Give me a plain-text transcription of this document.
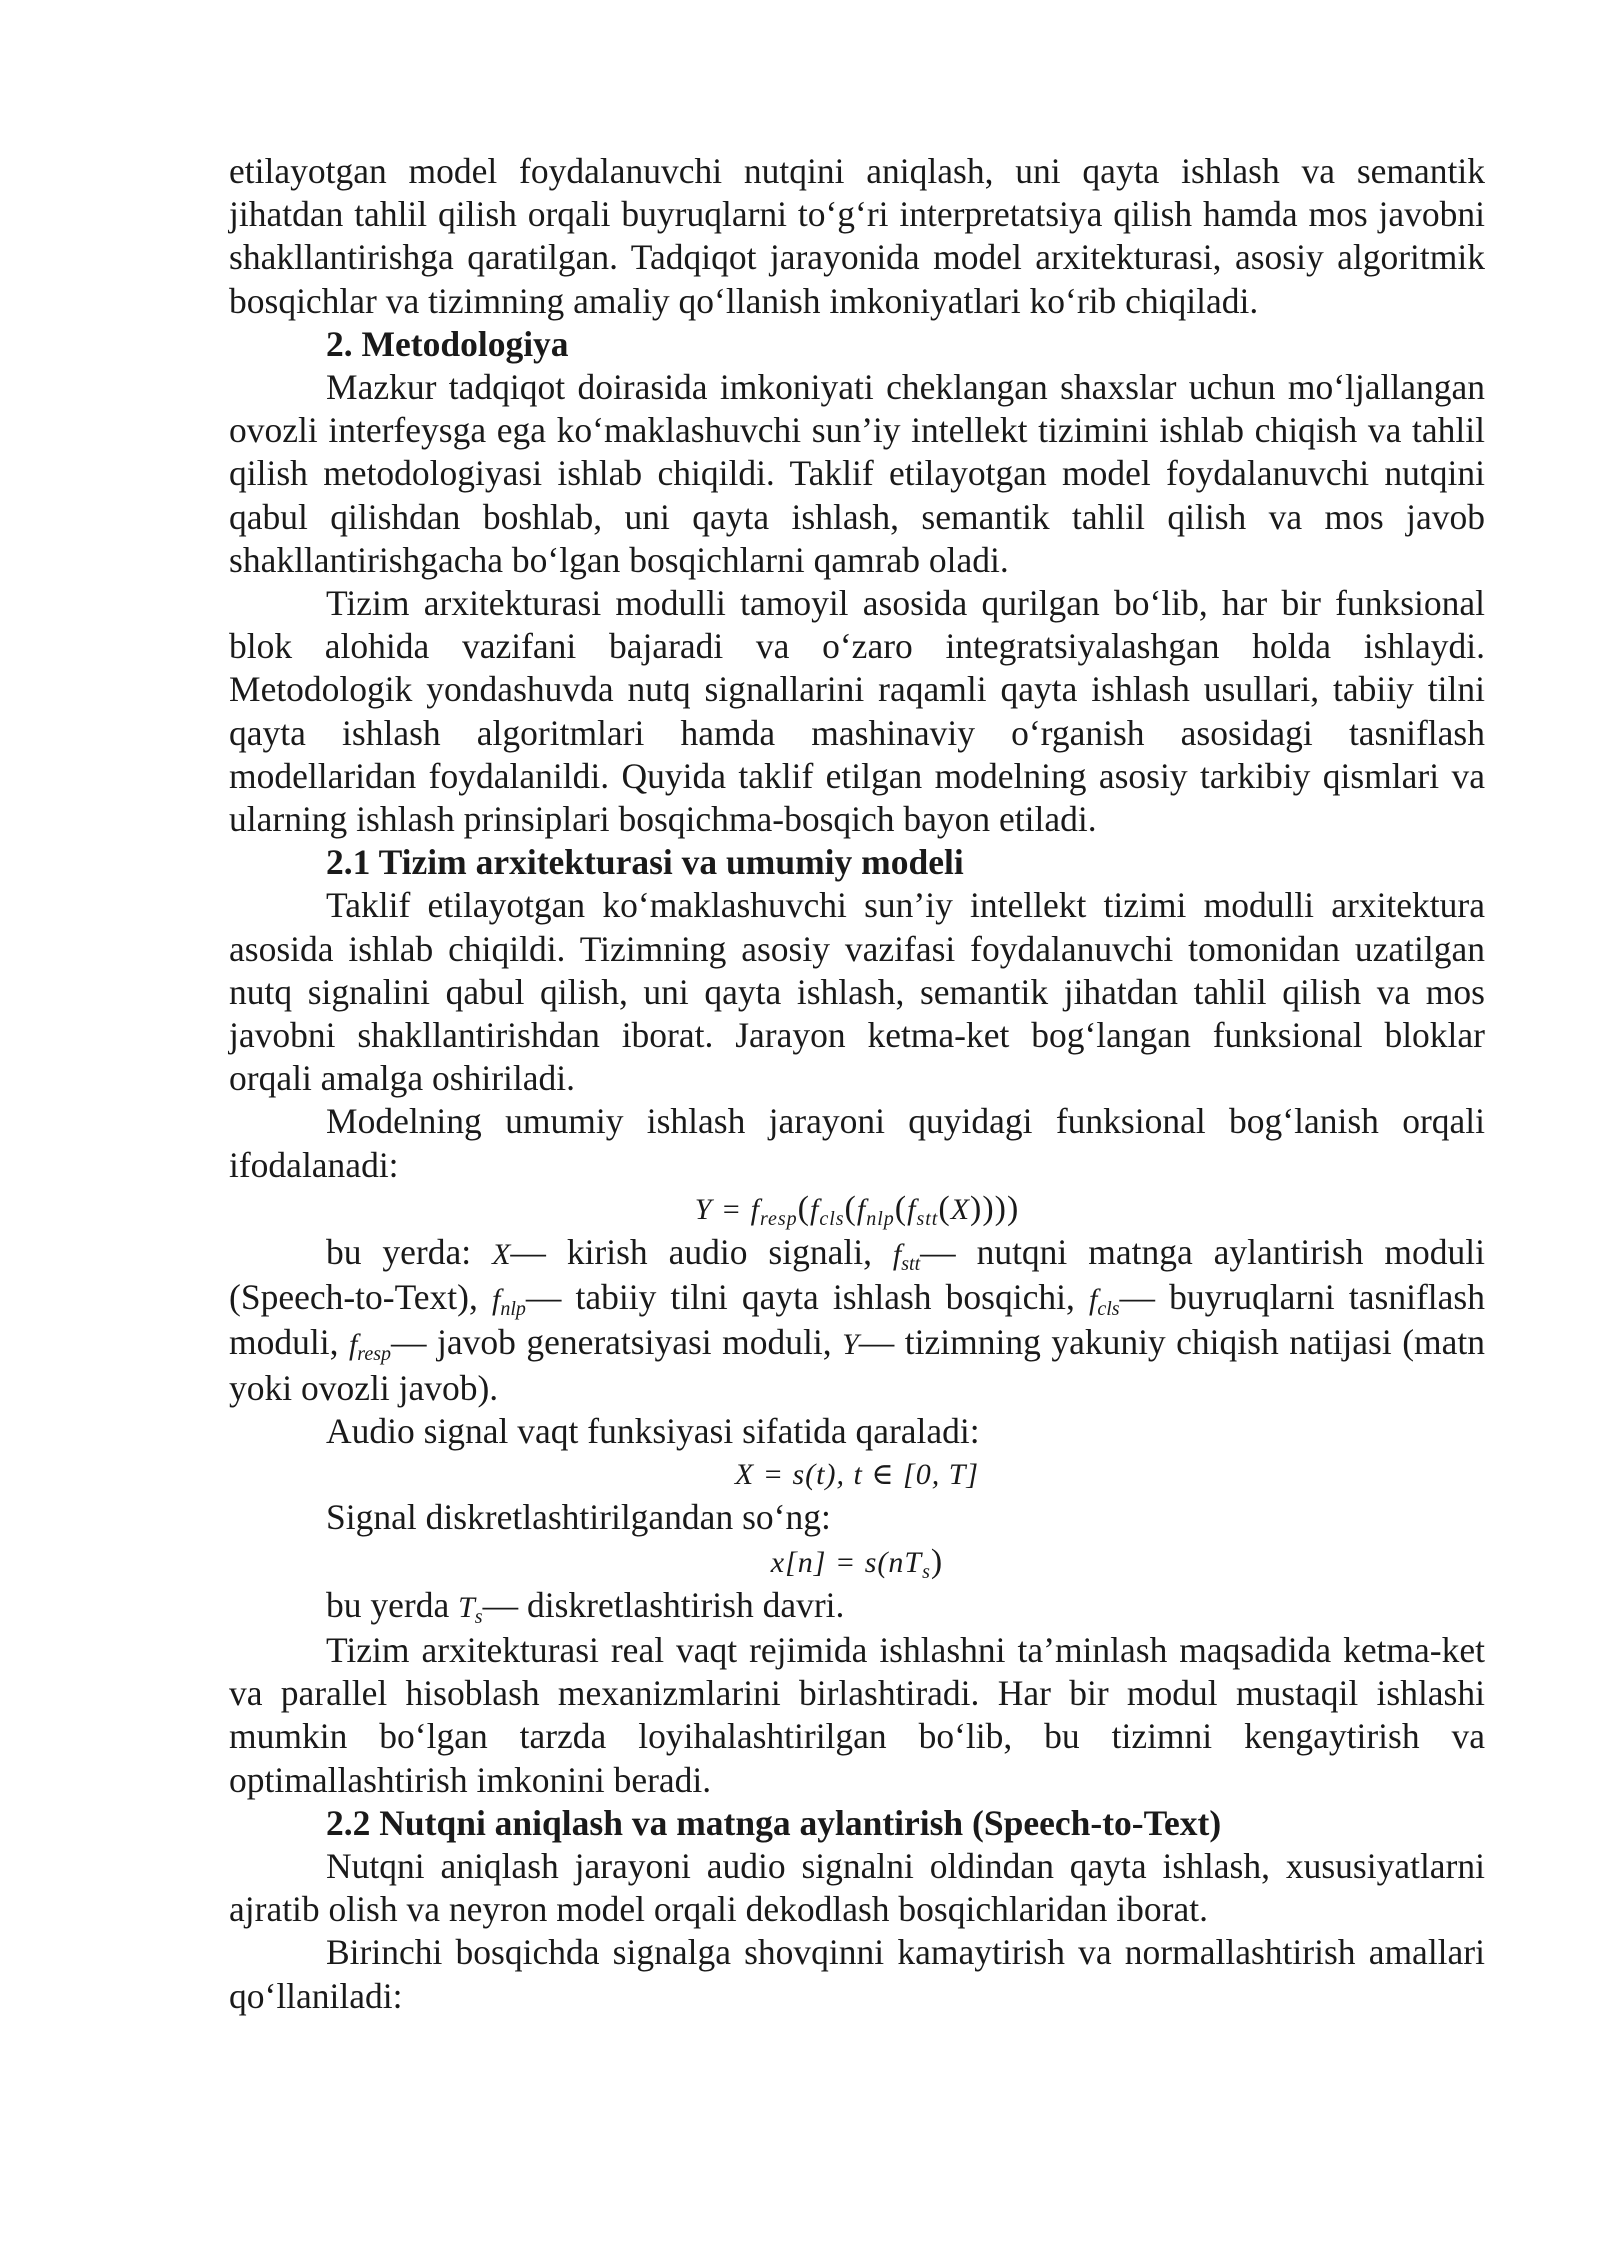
etilayotgan model foydalanuvchi nutqini aniqlash, uni qayta ishlash va semantik jihatdan tahlil qilish orqali buyruqlarni to‘g‘ri interpretatsiya qilish hamda mos javobni shakllantirishga qaratilgan. Tadqiqot jarayonida model arxitekturasi, asosiy algoritmik bosqichlar va tizimning amaliy qo‘llanish imkoniyatlari ko‘rib chiqiladi.

2. Metodologiya

Mazkur tadqiqot doirasida imkoniyati cheklangan shaxslar uchun mo‘ljallangan ovozli interfeysga ega ko‘maklashuvchi sun’iy intellekt tizimini ishlab chiqish va tahlil qilish metodologiyasi ishlab chiqildi. Taklif etilayotgan model foydalanuvchi nutqini qabul qilishdan boshlab, uni qayta ishlash, semantik tahlil qilish va mos javob shakllantirishgacha bo‘lgan bosqichlarni qamrab oladi.

Tizim arxitekturasi modulli tamoyil asosida qurilgan bo‘lib, har bir funksional blok alohida vazifani bajaradi va o‘zaro integratsiyalashgan holda ishlaydi. Metodologik yondashuvda nutq signallarini raqamli qayta ishlash usullari, tabiiy tilni qayta ishlash algoritmlari hamda mashinaviy o‘rganish asosidagi tasniflash modellaridan foydalanildi. Quyida taklif etilgan modelning asosiy tarkibiy qismlari va ularning ishlash prinsiplari bosqichma-bosqich bayon etiladi.

2.1 Tizim arxitekturasi va umumiy modeli

Taklif etilayotgan ko‘maklashuvchi sun’iy intellekt tizimi modulli arxitektura asosida ishlab chiqildi. Tizimning asosiy vazifasi foydalanuvchi tomonidan uzatilgan nutq signalini qabul qilish, uni qayta ishlash, semantik jihatdan tahlil qilish va mos javobni shakllantirishdan iborat. Jarayon ketma-ket bog‘langan funksional bloklar orqali amalga oshiriladi.

Modelning umumiy ishlash jarayoni quyidagi funksional bog‘lanish orqali ifodalanadi:

$Y = f_{resp}(f_{cls}(f_{nlp}(f_{stt}(X))))$

bu yerda: X— kirish audio signali, $f_{stt}—$ nutqni matnga aylantirish moduli (Speech-to-Text), $f_{nlp}—$ tabiiy tilni qayta ishlash bosqichi, $f_{cls}—$ buyruqlarni tasniflash moduli, $f_{resp}—$ javob generatsiyasi moduli, Y— tizimning yakuniy chiqish natijasi (matn yoki ovozli javob).

Audio signal vaqt funksiyasi sifatida qaraladi:

X = s(t), t ∈ [0, T]

Signal diskretlashtirilgandan so‘ng:

$x[n] = s(nT_s)$

bu yerda $T_s—$ diskretlashtirish davri.

Tizim arxitekturasi real vaqt rejimida ishlashni ta’minlash maqsadida ketma-ket va parallel hisoblash mexanizmlarini birlashtiradi. Har bir modul mustaqil ishlashi mumkin bo‘lgan tarzda loyihalashtirilgan bo‘lib, bu tizimni kengaytirish va optimallashtirish imkonini beradi.

2.2 Nutqni aniqlash va matnga aylantirish (Speech-to-Text)

Nutqni aniqlash jarayoni audio signalni oldindan qayta ishlash, xususiyatlarni ajratib olish va neyron model orqali dekodlash bosqichlaridan iborat.

Birinchi bosqichda signalga shovqinni kamaytirish va normallashtirish amallari qo‘llaniladi:
